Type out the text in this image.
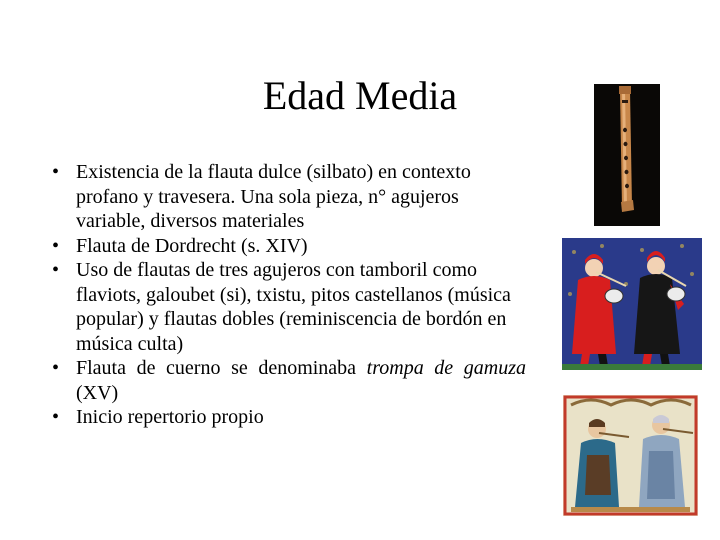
Edad Media
• Existencia de la flauta dulce (silbato) en contexto profano y travesera. Una sola pieza, n° agujeros variable, diversos materiales
• Flauta de Dordrecht (s. XIV)
• Uso de flautas de tres agujeros con tamboril como flaviots, galoubet (si), txistu, pitos castellanos (música popular) y flautas dobles (reminiscencia de bordón en música culta)
• Flauta de cuerno se denominaba trompa de gamuza (XV)
• Inicio repertorio propio
